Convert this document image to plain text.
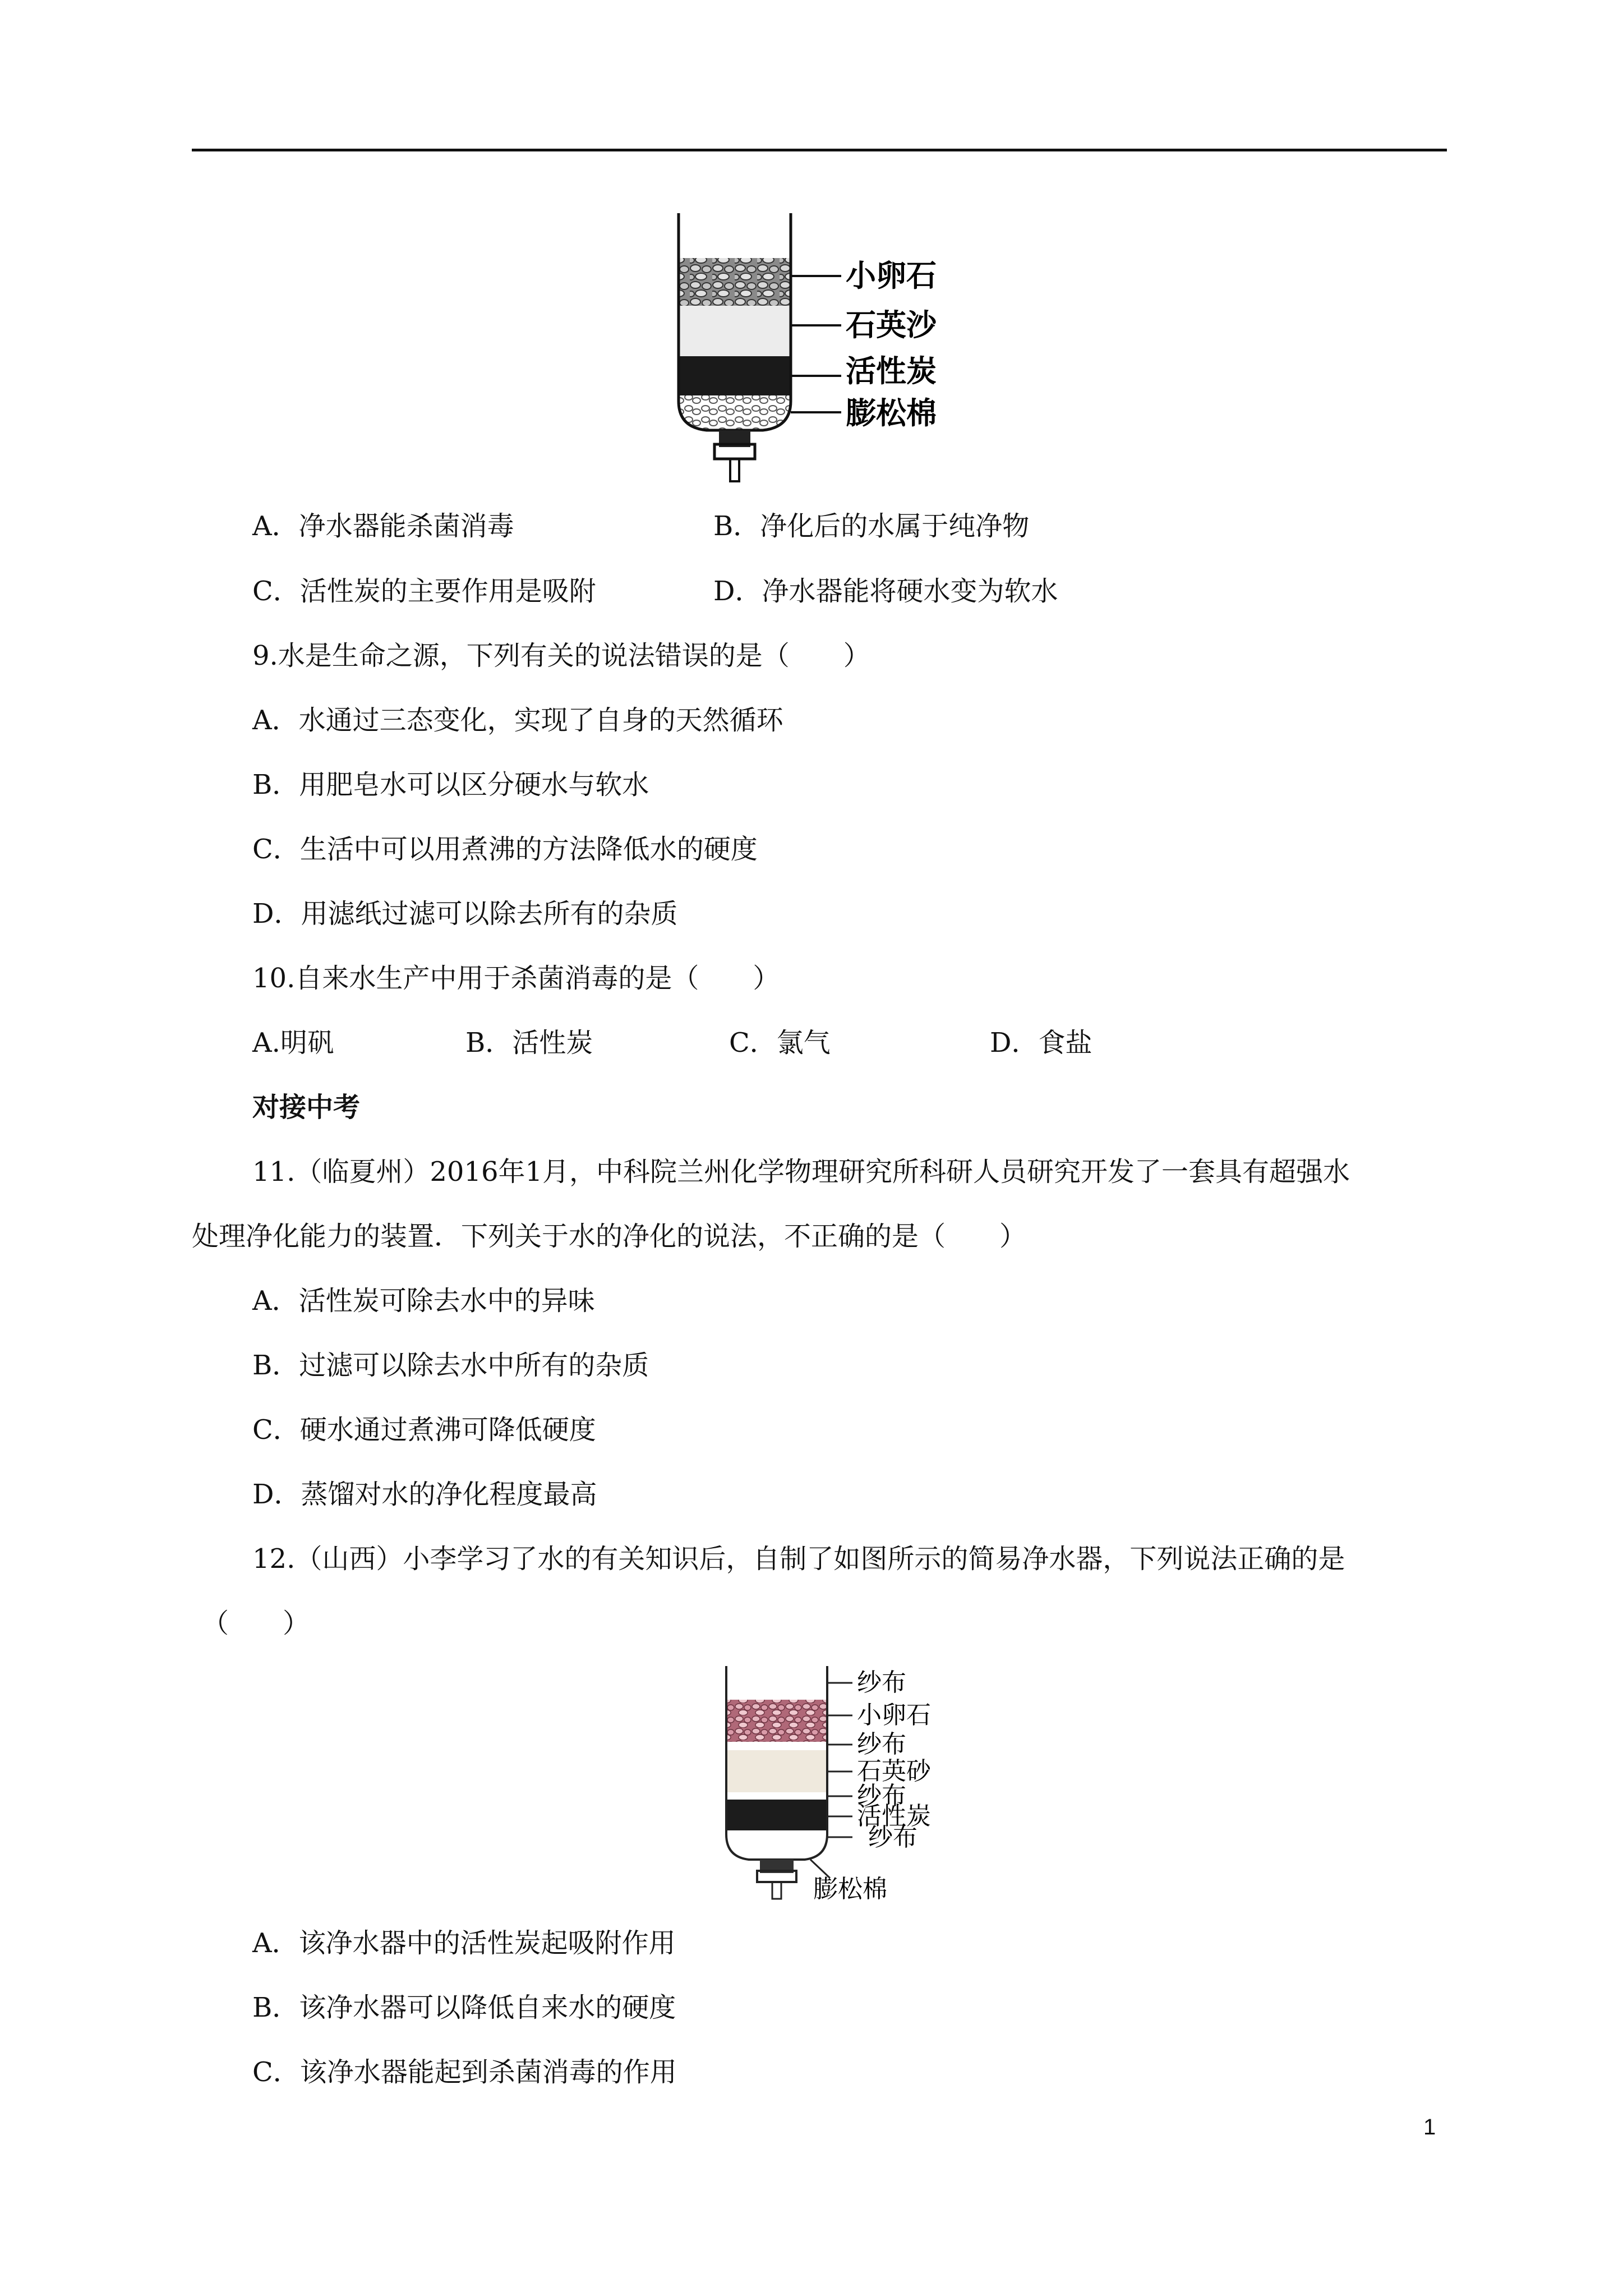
小卵石
石英沙
活性炭
膨松棉
A．净水器能杀菌消毒	B．净化后的水属于纯净物
C．活性炭的主要作用是吸附	D．净水器能将硬水变为软水
9.水是生命之源，下列有关的说法错误的是（　　）
A．水通过三态变化，实现了自身的天然循环
B．用肥皂水可以区分硬水与软水
C．生活中可以用煮沸的方法降低水的硬度
D．用滤纸过滤可以除去所有的杂质
10.自来水生产中用于杀菌消毒的是（　　）
A.明矾	B．活性炭	C．氯气	D．食盐
对接中考
11.（临夏州）2016年1月，中科院兰州化学物理研究所科研人员研究开发了一套具有超强水
处理净化能力的装置．下列关于水的净化的说法，不正确的是（　　）
A．活性炭可除去水中的异味
B．过滤可以除去水中所有的杂质
C．硬水通过煮沸可降低硬度
D．蒸馏对水的净化程度最高
12.（山西）小李学习了水的有关知识后，自制了如图所示的简易净水器，下列说法正确的是
（　　）
纱布
小卵石
纱布
石英砂
纱布
活性炭
纱布
膨松棉
A．该净水器中的活性炭起吸附作用
B．该净水器可以降低自来水的硬度
C．该净水器能起到杀菌消毒的作用
1
